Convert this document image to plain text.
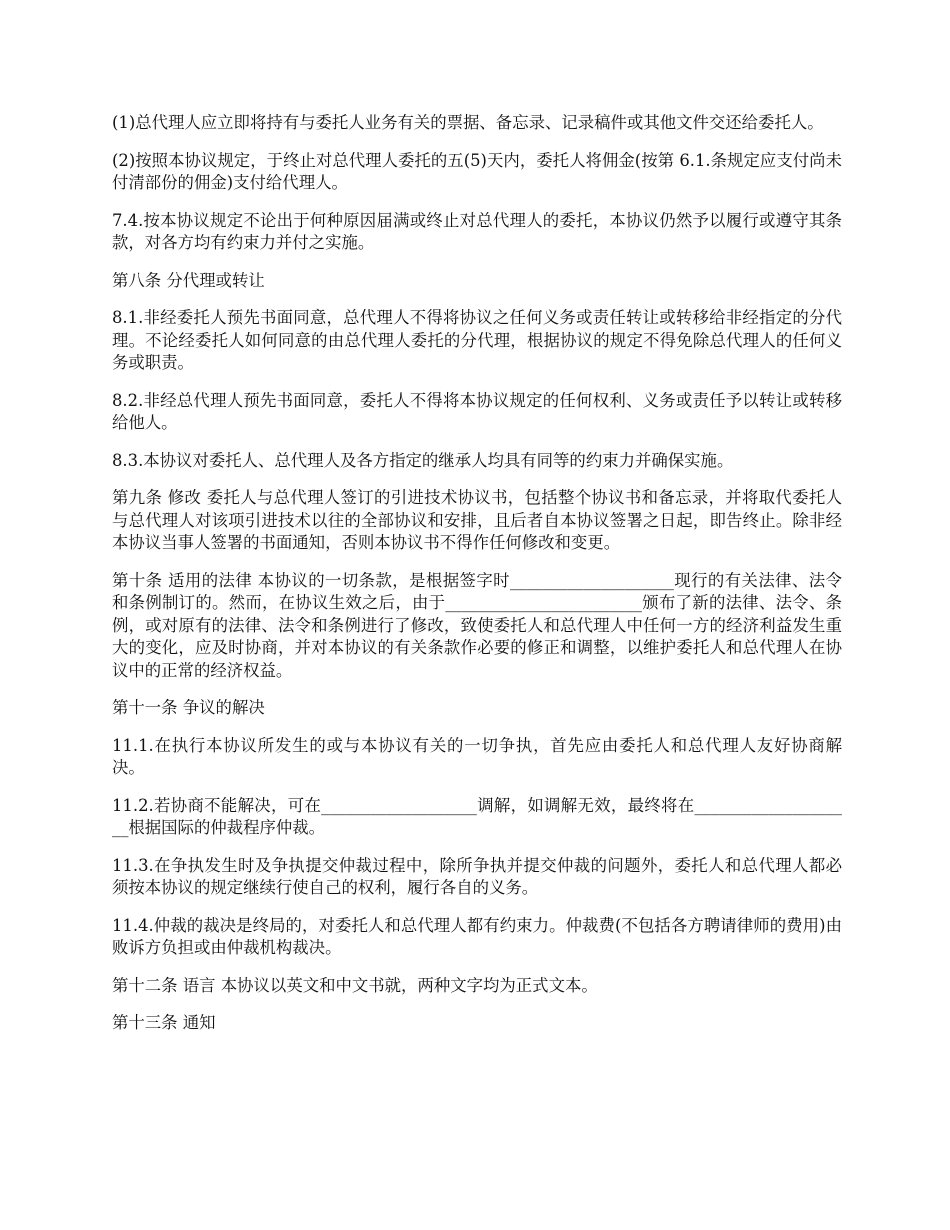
(1)总代理人应立即将持有与委托人业务有关的票据、备忘录、记录稿件或其他文件交还给委托人。

(2)按照本协议规定，于终止对总代理人委托的五(5)天内，委托人将佣金(按第 6.1.条规定应支付尚未付清部份的佣金)支付给代理人。

7.4.按本协议规定不论出于何种原因届满或终止对总代理人的委托，本协议仍然予以履行或遵守其条款，对各方均有约束力并付之实施。

第八条 分代理或转让

8.1.非经委托人预先书面同意，总代理人不得将协议之任何义务或责任转让或转移给非经指定的分代理。不论经委托人如何同意的由总代理人委托的分代理，根据协议的规定不得免除总代理人的任何义务或职责。

8.2.非经总代理人预先书面同意，委托人不得将本协议规定的任何权利、义务或责任予以转让或转移给他人。

8.3.本协议对委托人、总代理人及各方指定的继承人均具有同等的约束力并确保实施。

第九条 修改 委托人与总代理人签订的引进技术协议书，包括整个协议书和备忘录，并将取代委托人与总代理人对该项引进技术以往的全部协议和安排，且后者自本协议签署之日起，即告终止。除非经本协议当事人签署的书面通知，否则本协议书不得作任何修改和变更。

第十条 适用的法律 本协议的一切条款，是根据签字时____________________现行的有关法律、法令和条例制订的。然而，在协议生效之后，由于________________________颁布了新的法律、法令、条例，或对原有的法律、法令和条例进行了修改，致使委托人和总代理人中任何一方的经济利益发生重大的变化，应及时协商，并对本协议的有关条款作必要的修正和调整，以维护委托人和总代理人在协议中的正常的经济权益。

第十一条 争议的解决

11.1.在执行本协议所发生的或与本协议有关的一切争执，首先应由委托人和总代理人友好协商解决。

11.2.若协商不能解决，可在___________________调解，如调解无效，最终将在____________________根据国际的仲裁程序仲裁。

11.3.在争执发生时及争执提交仲裁过程中，除所争执并提交仲裁的问题外，委托人和总代理人都必须按本协议的规定继续行使自己的权利，履行各自的义务。

11.4.仲裁的裁决是终局的，对委托人和总代理人都有约束力。仲裁费(不包括各方聘请律师的费用)由败诉方负担或由仲裁机构裁决。

第十二条 语言 本协议以英文和中文书就，两种文字均为正式文本。

第十三条 通知
